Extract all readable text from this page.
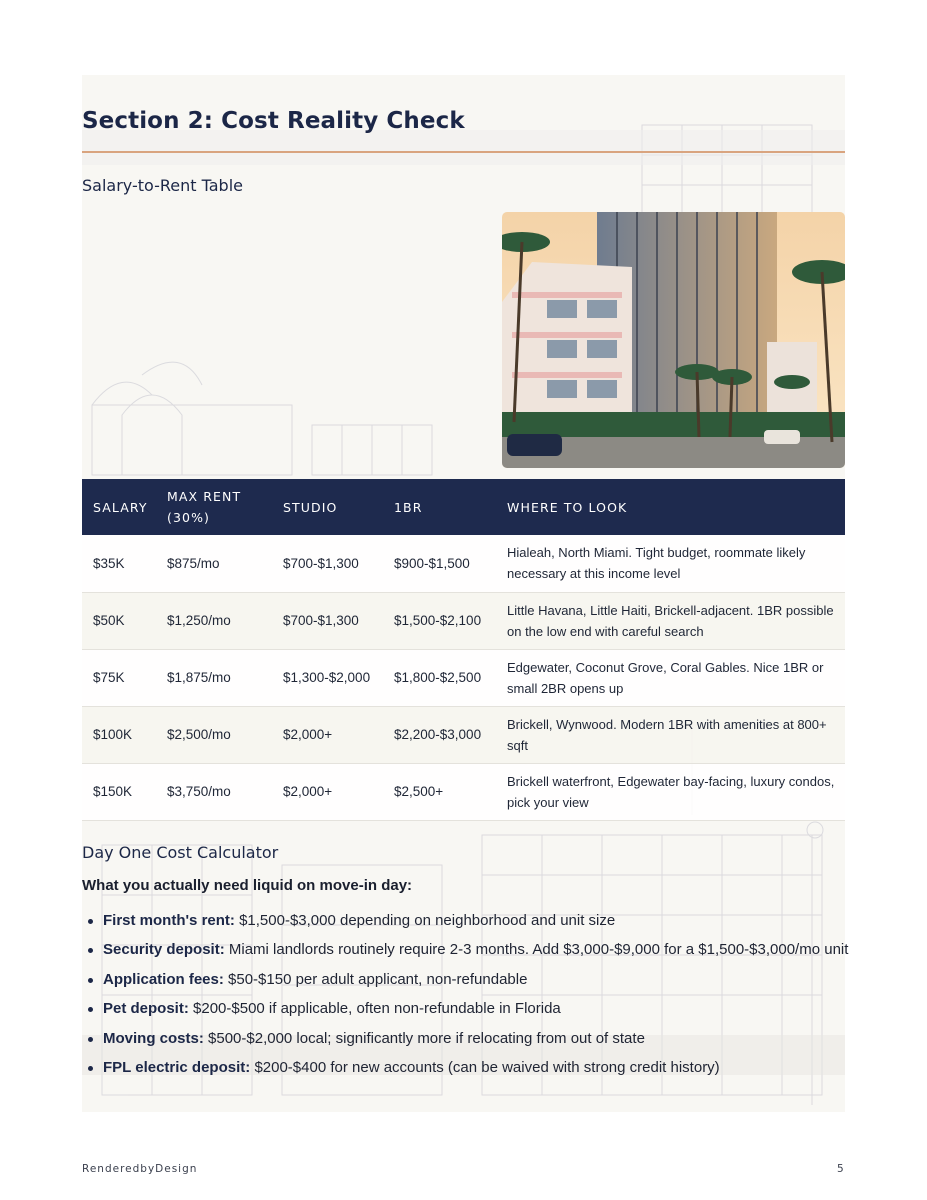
Section 2: Cost Reality Check
Salary-to-Rent Table
SALARY	MAX RENT (30%)	STUDIO	1BR	WHERE TO LOOK
$35K	$875/mo	$700-$1,300	$900-$1,500	Hialeah, North Miami. Tight budget, roommate likely necessary at this income level
$50K	$1,250/mo	$700-$1,300	$1,500-$2,100	Little Havana, Little Haiti, Brickell-adjacent. 1BR possible on the low end with careful search
$75K	$1,875/mo	$1,300-$2,000	$1,800-$2,500	Edgewater, Coconut Grove, Coral Gables. Nice 1BR or small 2BR opens up
$100K	$2,500/mo	$2,000+	$2,200-$3,000	Brickell, Wynwood. Modern 1BR with amenities at 800+ sqft
$150K	$3,750/mo	$2,000+	$2,500+	Brickell waterfront, Edgewater bay-facing, luxury condos, pick your view
Day One Cost Calculator
What you actually need liquid on move-in day:
First month's rent: $1,500-$3,000 depending on neighborhood and unit size
Security deposit: Miami landlords routinely require 2-3 months. Add $3,000-$9,000 for a $1,500-$3,000/mo unit
Application fees: $50-$150 per adult applicant, non-refundable
Pet deposit: $200-$500 if applicable, often non-refundable in Florida
Moving costs: $500-$2,000 local; significantly more if relocating from out of state
FPL electric deposit: $200-$400 for new accounts (can be waived with strong credit history)
RenderedbyDesign	5
